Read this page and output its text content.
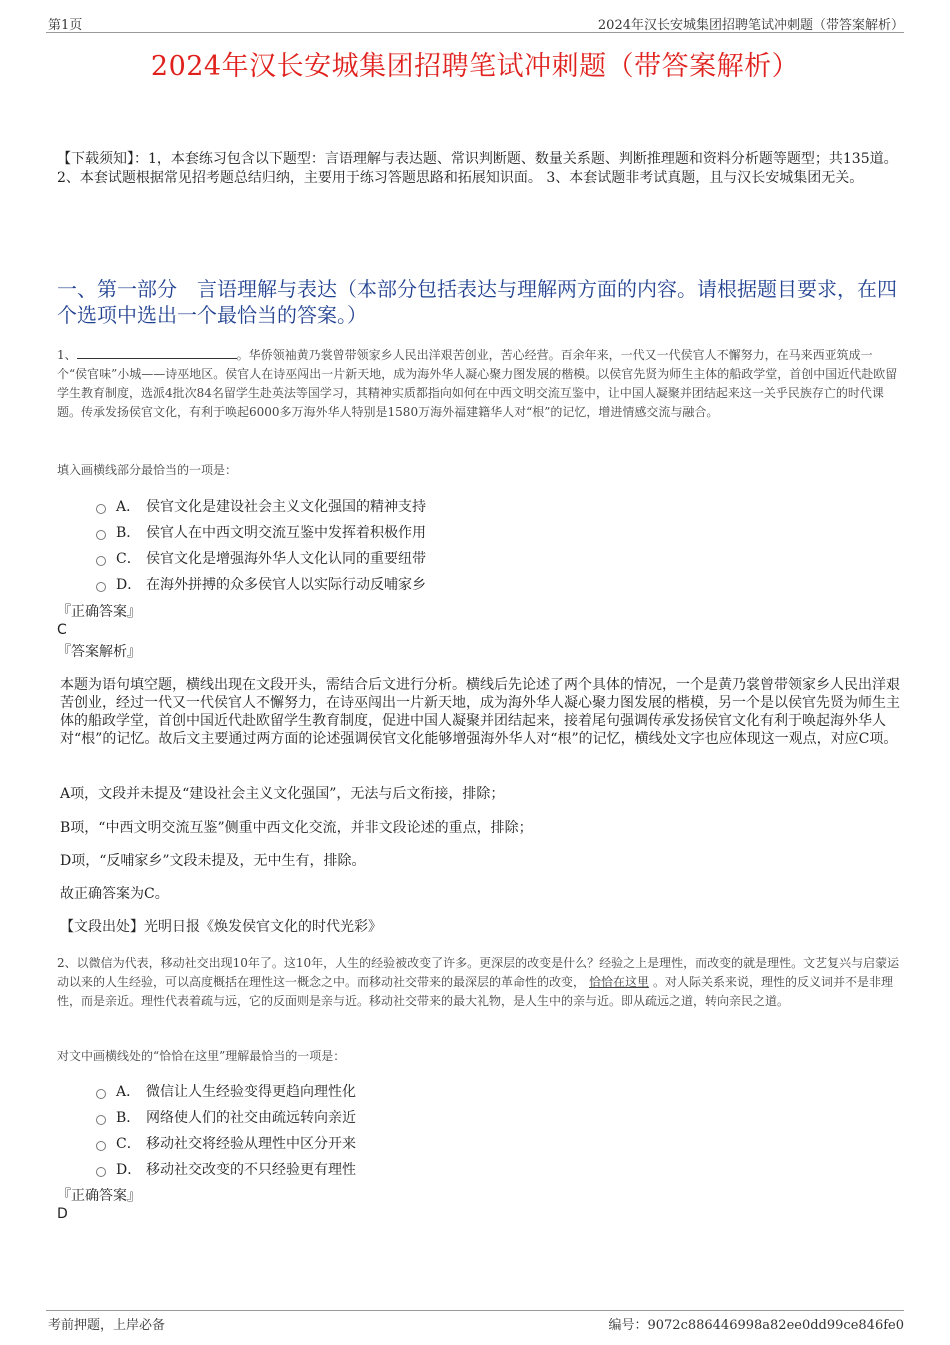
第1页	2024年汉长安城集团招聘笔试冲刺题（带答案解析）
2024年汉长安城集团招聘笔试冲刺题（带答案解析）
【下载须知】：1，本套练习包含以下题型：言语理解与表达题、常识判断题、数量关系题、判断推理题和资料分析题等题型；共135道。 2、本套试题根据常见招考题总结归纳，主要用于练习答题思路和拓展知识面。 3、本套试题非考试真题，且与汉长安城集团无关。
一、第一部分　言语理解与表达（本部分包括表达与理解两方面的内容。请根据题目要求，在四个选项中选出一个最恰当的答案。）
1、	。华侨领袖黄乃裳曾带领家乡人民出洋艰苦创业，苦心经营。百余年来，一代又一代侯官人不懈努力，在马来西亚筑成一个“侯官味”小城——诗巫地区。侯官人在诗巫闯出一片新天地，成为海外华人凝心聚力图发展的楷模。以侯官先贤为师生主体的船政学堂，首创中国近代赴欧留学生教育制度，选派4批次84名留学生赴英法等国学习，其精神实质都指向如何在中西文明交流互鉴中，让中国人凝聚并团结起来这一关乎民族存亡的时代课题。传承发扬侯官文化，有利于唤起6000多万海外华人特别是1580万海外福建籍华人对“根”的记忆，增进情感交流与融合。
填入画横线部分最恰当的一项是：
A． 侯官文化是建设社会主义文化强国的精神支持
B． 侯官人在中西文明交流互鉴中发挥着积极作用
C． 侯官文化是增强海外华人文化认同的重要纽带
D． 在海外拼搏的众多侯官人以实际行动反哺家乡
『正确答案』
C
『答案解析』
本题为语句填空题，横线出现在文段开头，需结合后文进行分析。横线后先论述了两个具体的情况，一个是黄乃裳曾带领家乡人民出洋艰苦创业，经过一代又一代侯官人不懈努力，在诗巫闯出一片新天地，成为海外华人凝心聚力图发展的楷模，另一个是以侯官先贤为师生主体的船政学堂，首创中国近代赴欧留学生教育制度，促进中国人凝聚并团结起来，接着尾句强调传承发扬侯官文化有利于唤起海外华人对“根”的记忆。故后文主要通过两方面的论述强调侯官文化能够增强海外华人对“根”的记忆，横线处文字也应体现这一观点，对应C项。
A项，文段并未提及“建设社会主义文化强国”，无法与后文衔接，排除；
B项，“中西文明交流互鉴”侧重中西文化交流，并非文段论述的重点，排除；
D项，“反哺家乡”文段未提及，无中生有，排除。
故正确答案为C。
【文段出处】光明日报《焕发侯官文化的时代光彩》
2、以微信为代表，移动社交出现10年了。这10年，人生的经验被改变了许多。更深层的改变是什么？经验之上是理性，而改变的就是理性。文艺复兴与启蒙运动以来的人生经验，可以高度概括在理性这一概念之中。而移动社交带来的最深层的革命性的改变， 恰恰在这里 。对人际关系来说，理性的反义词并不是非理性，而是亲近。理性代表着疏与远，它的反面则是亲与近。移动社交带来的最大礼物，是人生中的亲与近。即从疏远之道，转向亲民之道。
对文中画横线处的“恰恰在这里”理解最恰当的一项是：
A． 微信让人生经验变得更趋向理性化
B． 网络使人们的社交由疏远转向亲近
C． 移动社交将经验从理性中区分开来
D． 移动社交改变的不只经验更有理性
『正确答案』
D
考前押题，上岸必备	编号：9072c886446998a82ee0dd99ce846fe0
